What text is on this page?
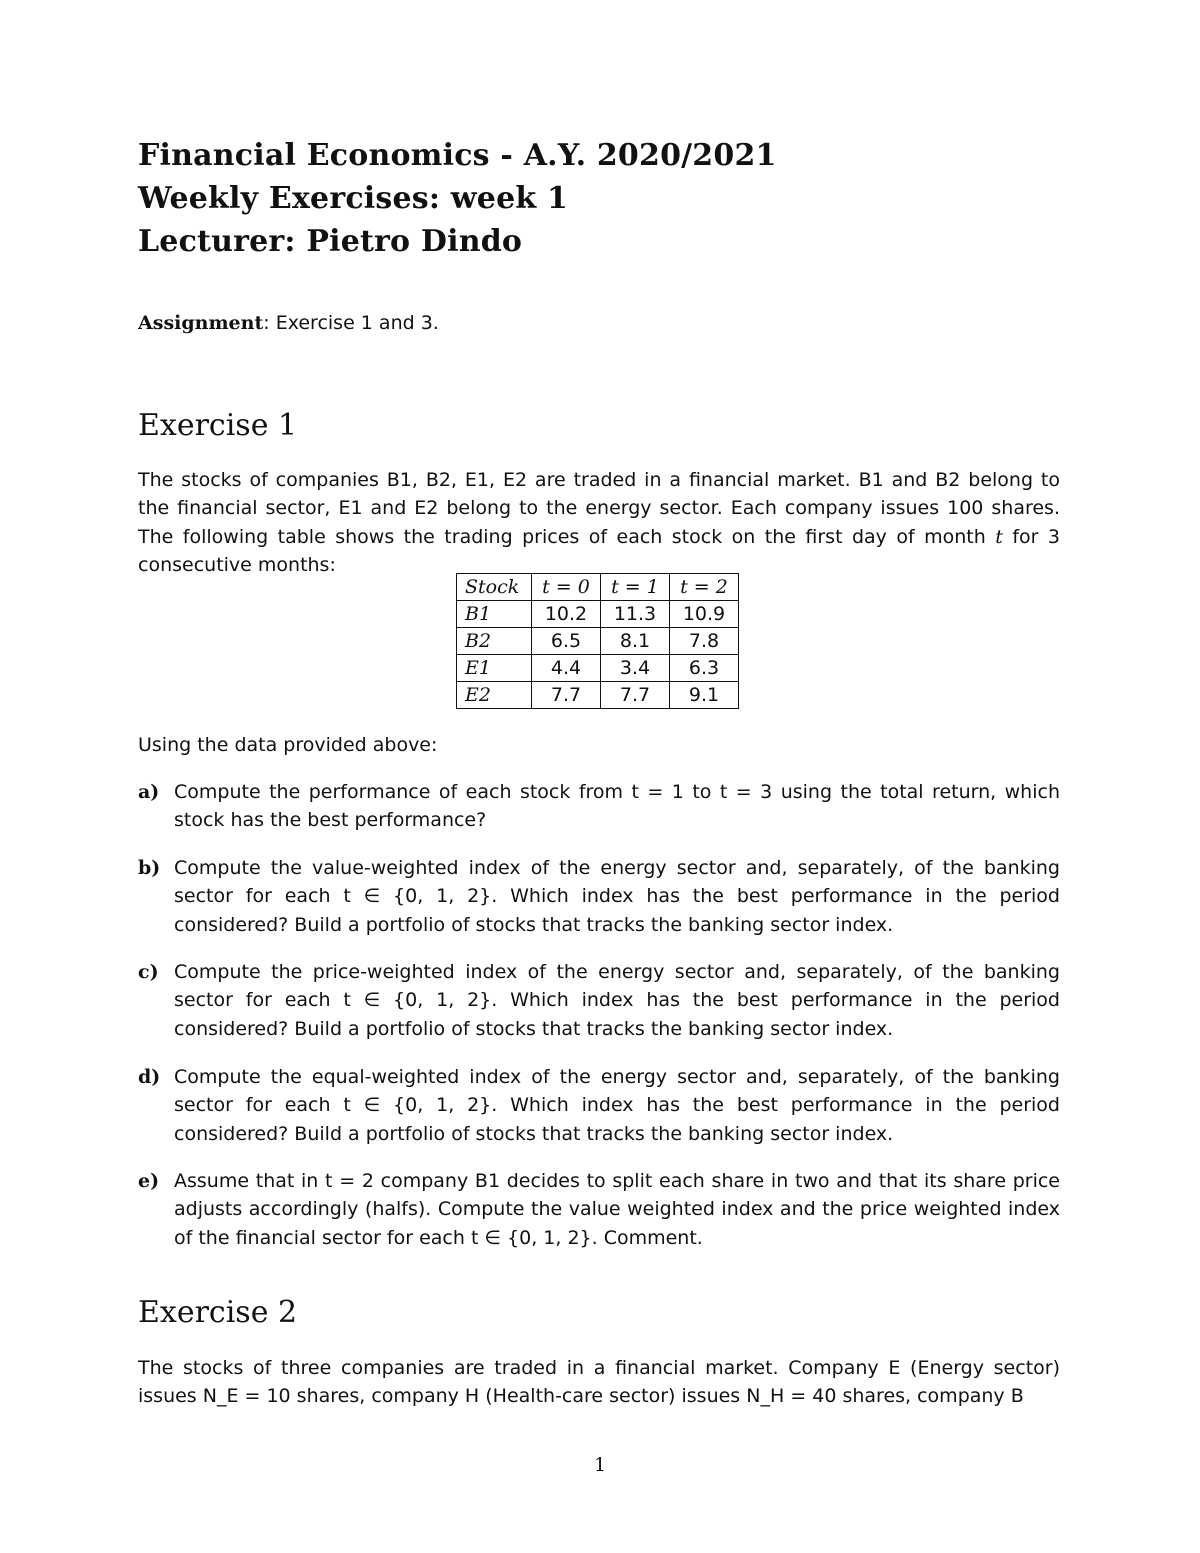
Financial Economics - A.Y. 2020/2021
Weekly Exercises: week 1
Lecturer: Pietro Dindo
Assignment: Exercise 1 and 3.
Exercise 1

The stocks of companies B1, B2, E1, E2 are traded in a financial market. B1 and B2 belong to the financial sector, E1 and E2 belong to the energy sector. Each company issues 100 shares. The following table shows the trading prices of each stock on the first day of month t for 3 consecutive months:

Stock	t = 0	t = 1	t = 2
B1	10.2	11.3	10.9
B2	6.5	8.1	7.8
E1	4.4	3.4	6.3
E2	7.7	7.7	9.1
Using the data provided above:
a) Compute the performance of each stock from t = 1 to t = 3 using the total return, which stock has the best performance?
b) Compute the value-weighted index of the energy sector and, separately, of the banking sector for each t ∈ {0, 1, 2}. Which index has the best performance in the period considered? Build a portfolio of stocks that tracks the banking sector index.
c) Compute the price-weighted index of the energy sector and, separately, of the banking sector for each t ∈ {0, 1, 2}. Which index has the best performance in the period considered? Build a portfolio of stocks that tracks the banking sector index.
d) Compute the equal-weighted index of the energy sector and, separately, of the banking sector for each t ∈ {0, 1, 2}. Which index has the best performance in the period considered? Build a portfolio of stocks that tracks the banking sector index.
e) Assume that in t = 2 company B1 decides to split each share in two and that its share price adjusts accordingly (halfs). Compute the value weighted index and the price weighted index of the financial sector for each t ∈ {0, 1, 2}. Comment.
Exercise 2

The stocks of three companies are traded in a financial market. Company E (Energy sector) issues N_E = 10 shares, company H (Health-care sector) issues N_H = 40 shares, company B

1
